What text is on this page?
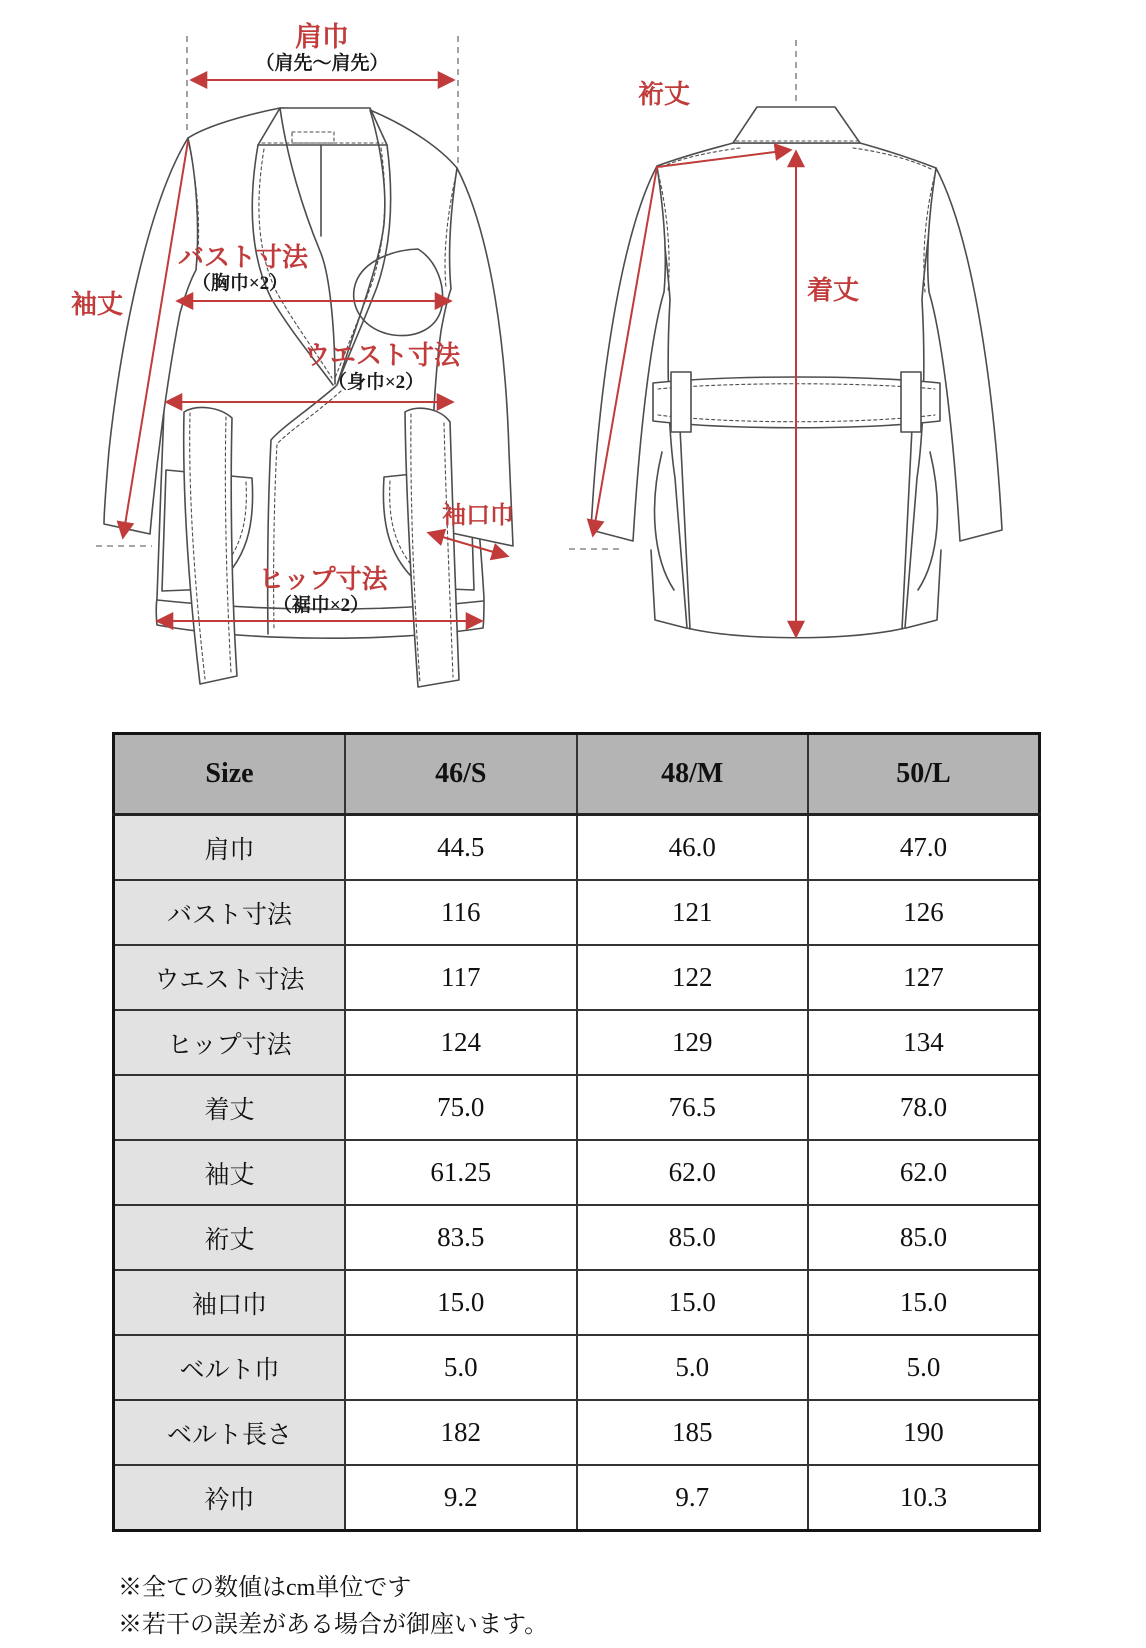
肩巾
（肩先～肩先）
バスト寸法
（胸巾×2）
ウエスト寸法
（身巾×2）
ヒップ寸法
（裾巾×2）
袖丈
袖口巾
裄丈
着丈
Size	46/S	48/M	50/L
肩巾	44.5	46.0	47.0
バスト寸法	116	121	126
ウエスト寸法	117	122	127
ヒップ寸法	124	129	134
着丈	75.0	76.5	78.0
袖丈	61.25	62.0	62.0
裄丈	83.5	85.0	85.0
袖口巾	15.0	15.0	15.0
ベルト巾	5.0	5.0	5.0
ベルト長さ	182	185	190
衿巾	9.2	9.7	10.3
※全ての数値はcm単位です
※若干の誤差がある場合が御座います。
